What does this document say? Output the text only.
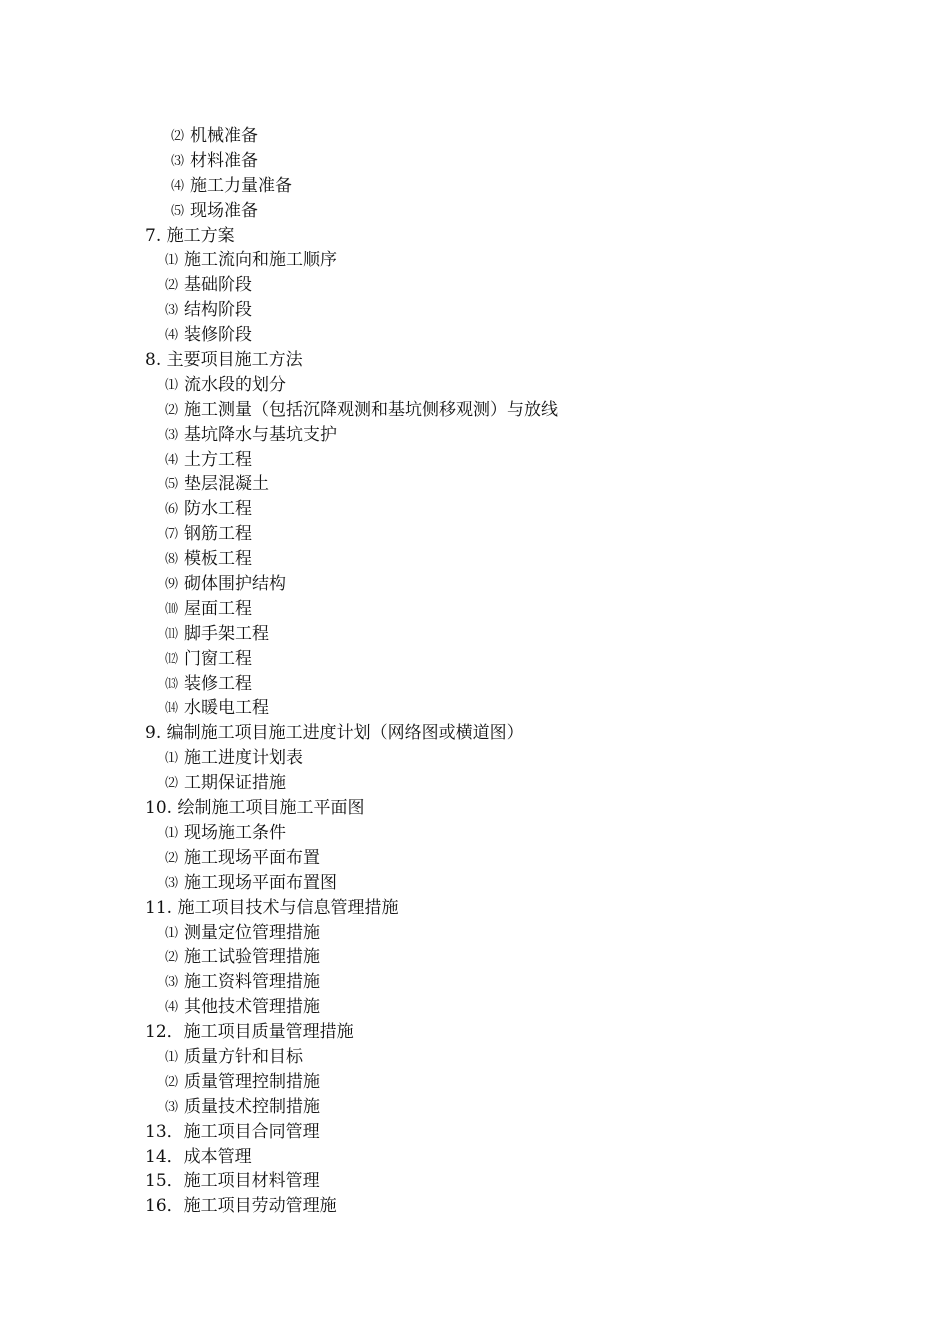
⑵ 机械准备
⑶ 材料准备
⑷ 施工力量准备
⑸ 现场准备
7. 施工方案
⑴ 施工流向和施工顺序
⑵ 基础阶段
⑶ 结构阶段
⑷ 装修阶段
8. 主要项目施工方法
⑴ 流水段的划分
⑵ 施工测量（包括沉降观测和基坑侧移观测）与放线
⑶ 基坑降水与基坑支护
⑷ 土方工程
⑸ 垫层混凝土
⑹ 防水工程
⑺ 钢筋工程
⑻ 模板工程
⑼ 砌体围护结构
⑽ 屋面工程
⑾ 脚手架工程
⑿ 门窗工程
⒀ 装修工程
⒁ 水暖电工程
9. 编制施工项目施工进度计划（网络图或横道图）
⑴ 施工进度计划表
⑵ 工期保证措施
10. 绘制施工项目施工平面图
⑴ 现场施工条件
⑵ 施工现场平面布置
⑶ 施工现场平面布置图
11. 施工项目技术与信息管理措施
⑴ 测量定位管理措施
⑵ 施工试验管理措施
⑶ 施工资料管理措施
⑷ 其他技术管理措施
12．施工项目质量管理措施
⑴ 质量方针和目标
⑵ 质量管理控制措施
⑶ 质量技术控制措施
13．施工项目合同管理
14．成本管理
15．施工项目材料管理
16．施工项目劳动管理施
